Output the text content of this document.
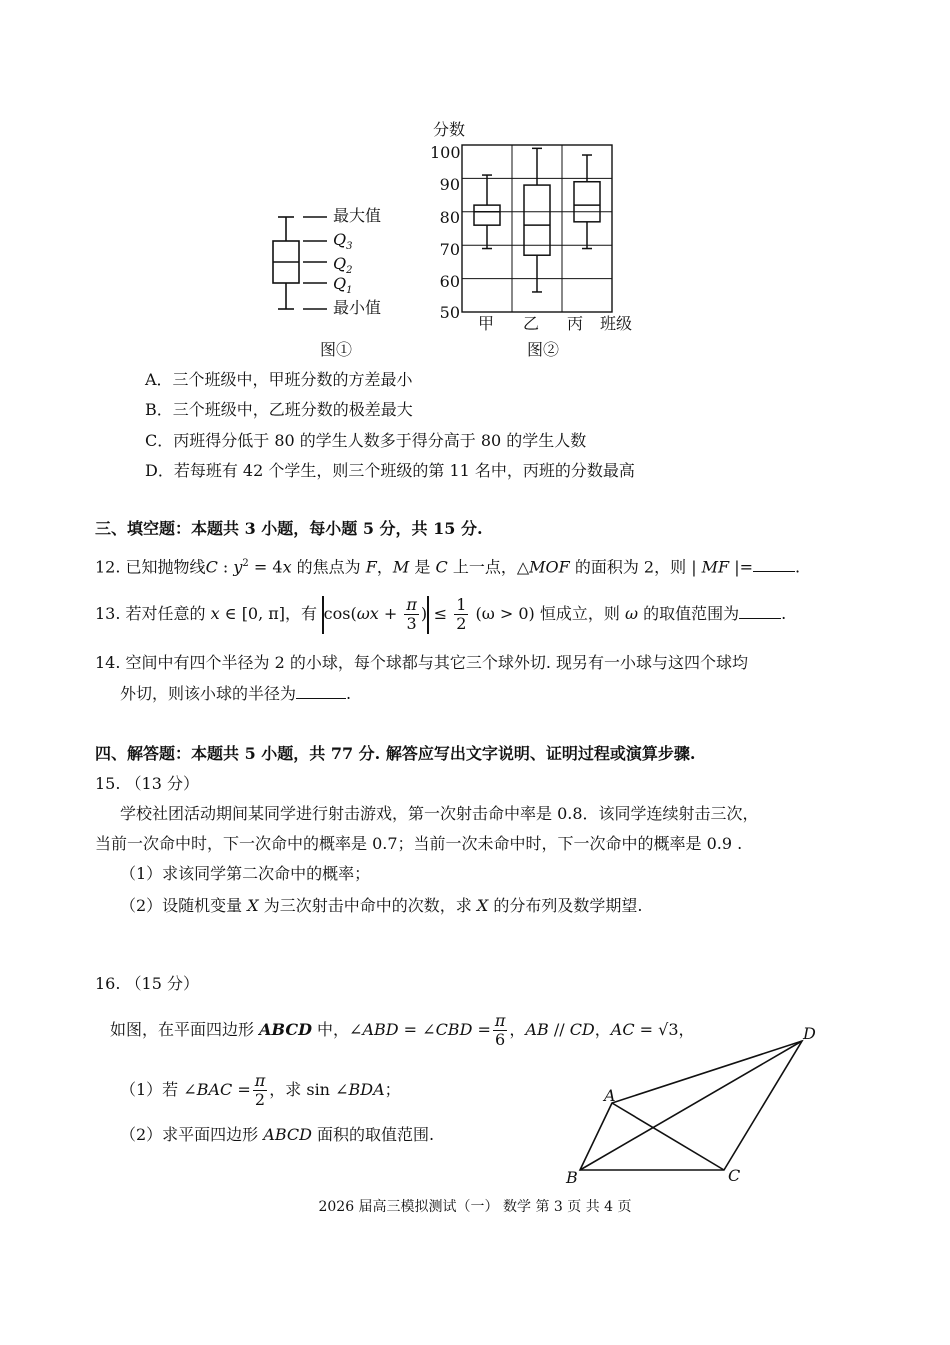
最大值
$Q_3$
$Q_2$
$Q_1$
最小值
图①
分数
100
90
80
70
60
50
甲 乙 丙 班级
图②
A．三个班级中，甲班分数的方差最小
B．三个班级中，乙班分数的极差最大
C．丙班得分低于 80 的学生人数多于得分高于 80 的学生人数
D．若每班有 42 个学生，则三个班级的第 11 名中，丙班的分数最高
三、填空题：本题共 3 小题，每小题 5 分，共 15 分.
12. 已知抛物线C : $y^2 = 4x$ 的焦点为 F，M 是 C 上一点，△MOF 的面积为 2，则 | MF |=	.
13. 若对任意的 x ∈ [0, π]，有 $\cos(\omega x + \frac{\pi}{3}$ ) ≤ $\frac{1}{2} (\omega > 0)$ 恒成立，则 ω 的取值范围为	.
14. 空间中有四个半径为 2 的小球，每个球都与其它三个球外切. 现另有一小球与这四个球均
外切，则该小球的半径为	.
四、解答题：本题共 5 小题，共 77 分. 解答应写出文字说明、证明过程或演算步骤.
15. （13 分）
学校社团活动期间某同学进行射击游戏，第一次射击命中率是 0.8．该同学连续射击三次，
当前一次命中时，下一次命中的概率是 0.7；当前一次未命中时，下一次命中的概率是 0.9 .
（1）求该同学第二次命中的概率；
（2）设随机变量 X 为三次射击中命中的次数，求 X 的分布列及数学期望.
16. （15 分）
如图，在平面四边形 ABCD 中，∠ABD = ∠CBD = $\frac{\pi}{6}$ ，AB // CD，AC = √3，
（1）若 ∠BAC = $\frac{\pi}{2}$ ，求 sin ∠BDA；
（2）求平面四边形 ABCD 面积的取值范围.
A
B	C
D
2026 届高三模拟测试（一） 数学 第 3 页 共 4 页
